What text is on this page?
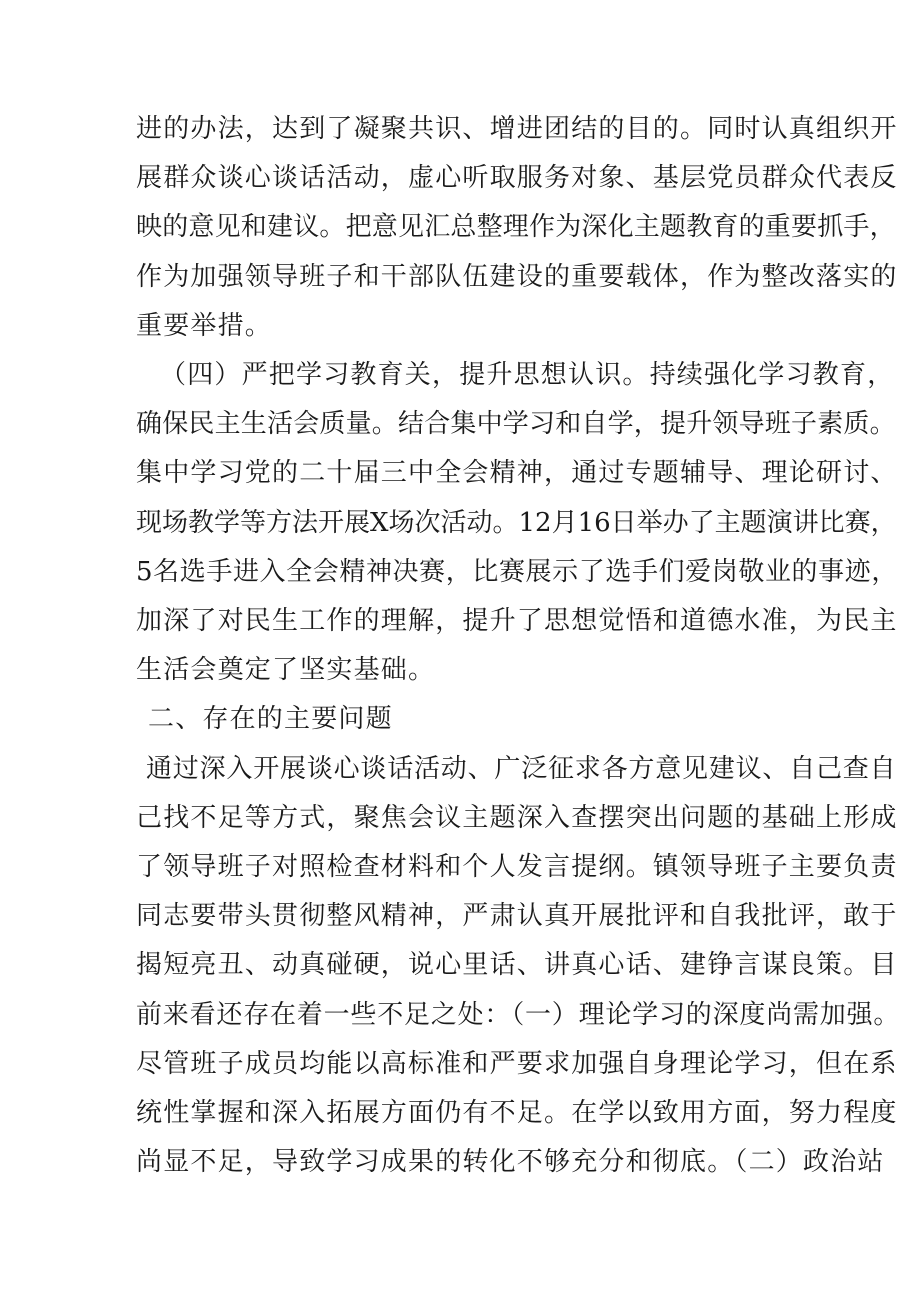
进的办法，达到了凝聚共识、增进团结的目的。同时认真组织开
展群众谈心谈话活动，虚心听取服务对象、基层党员群众代表反
映的意见和建议。把意见汇总整理作为深化主题教育的重要抓手，
作为加强领导班子和干部队伍建设的重要载体，作为整改落实的
重要举措。
（四）严把学习教育关，提升思想认识。持续强化学习教育，
确保民主生活会质量。结合集中学习和自学，提升领导班子素质。
集中学习党的二十届三中全会精神，通过专题辅导、理论研讨、
现场教学等方法开展X场次活动。12月16日举办了主题演讲比赛，
5名选手进入全会精神决赛，比赛展示了选手们爱岗敬业的事迹，
加深了对民生工作的理解，提升了思想觉悟和道德水准，为民主
生活会奠定了坚实基础。
二、存在的主要问题
通过深入开展谈心谈话活动、广泛征求各方意见建议、自己查自
己找不足等方式，聚焦会议主题深入查摆突出问题的基础上形成
了领导班子对照检查材料和个人发言提纲。镇领导班子主要负责
同志要带头贯彻整风精神，严肃认真开展批评和自我批评，敢于
揭短亮丑、动真碰硬，说心里话、讲真心话、建铮言谋良策。目
前来看还存在着一些不足之处：（一）理论学习的深度尚需加强。
尽管班子成员均能以高标准和严要求加强自身理论学习，但在系
统性掌握和深入拓展方面仍有不足。在学以致用方面，努力程度
尚显不足，导致学习成果的转化不够充分和彻底。（二）政治站
